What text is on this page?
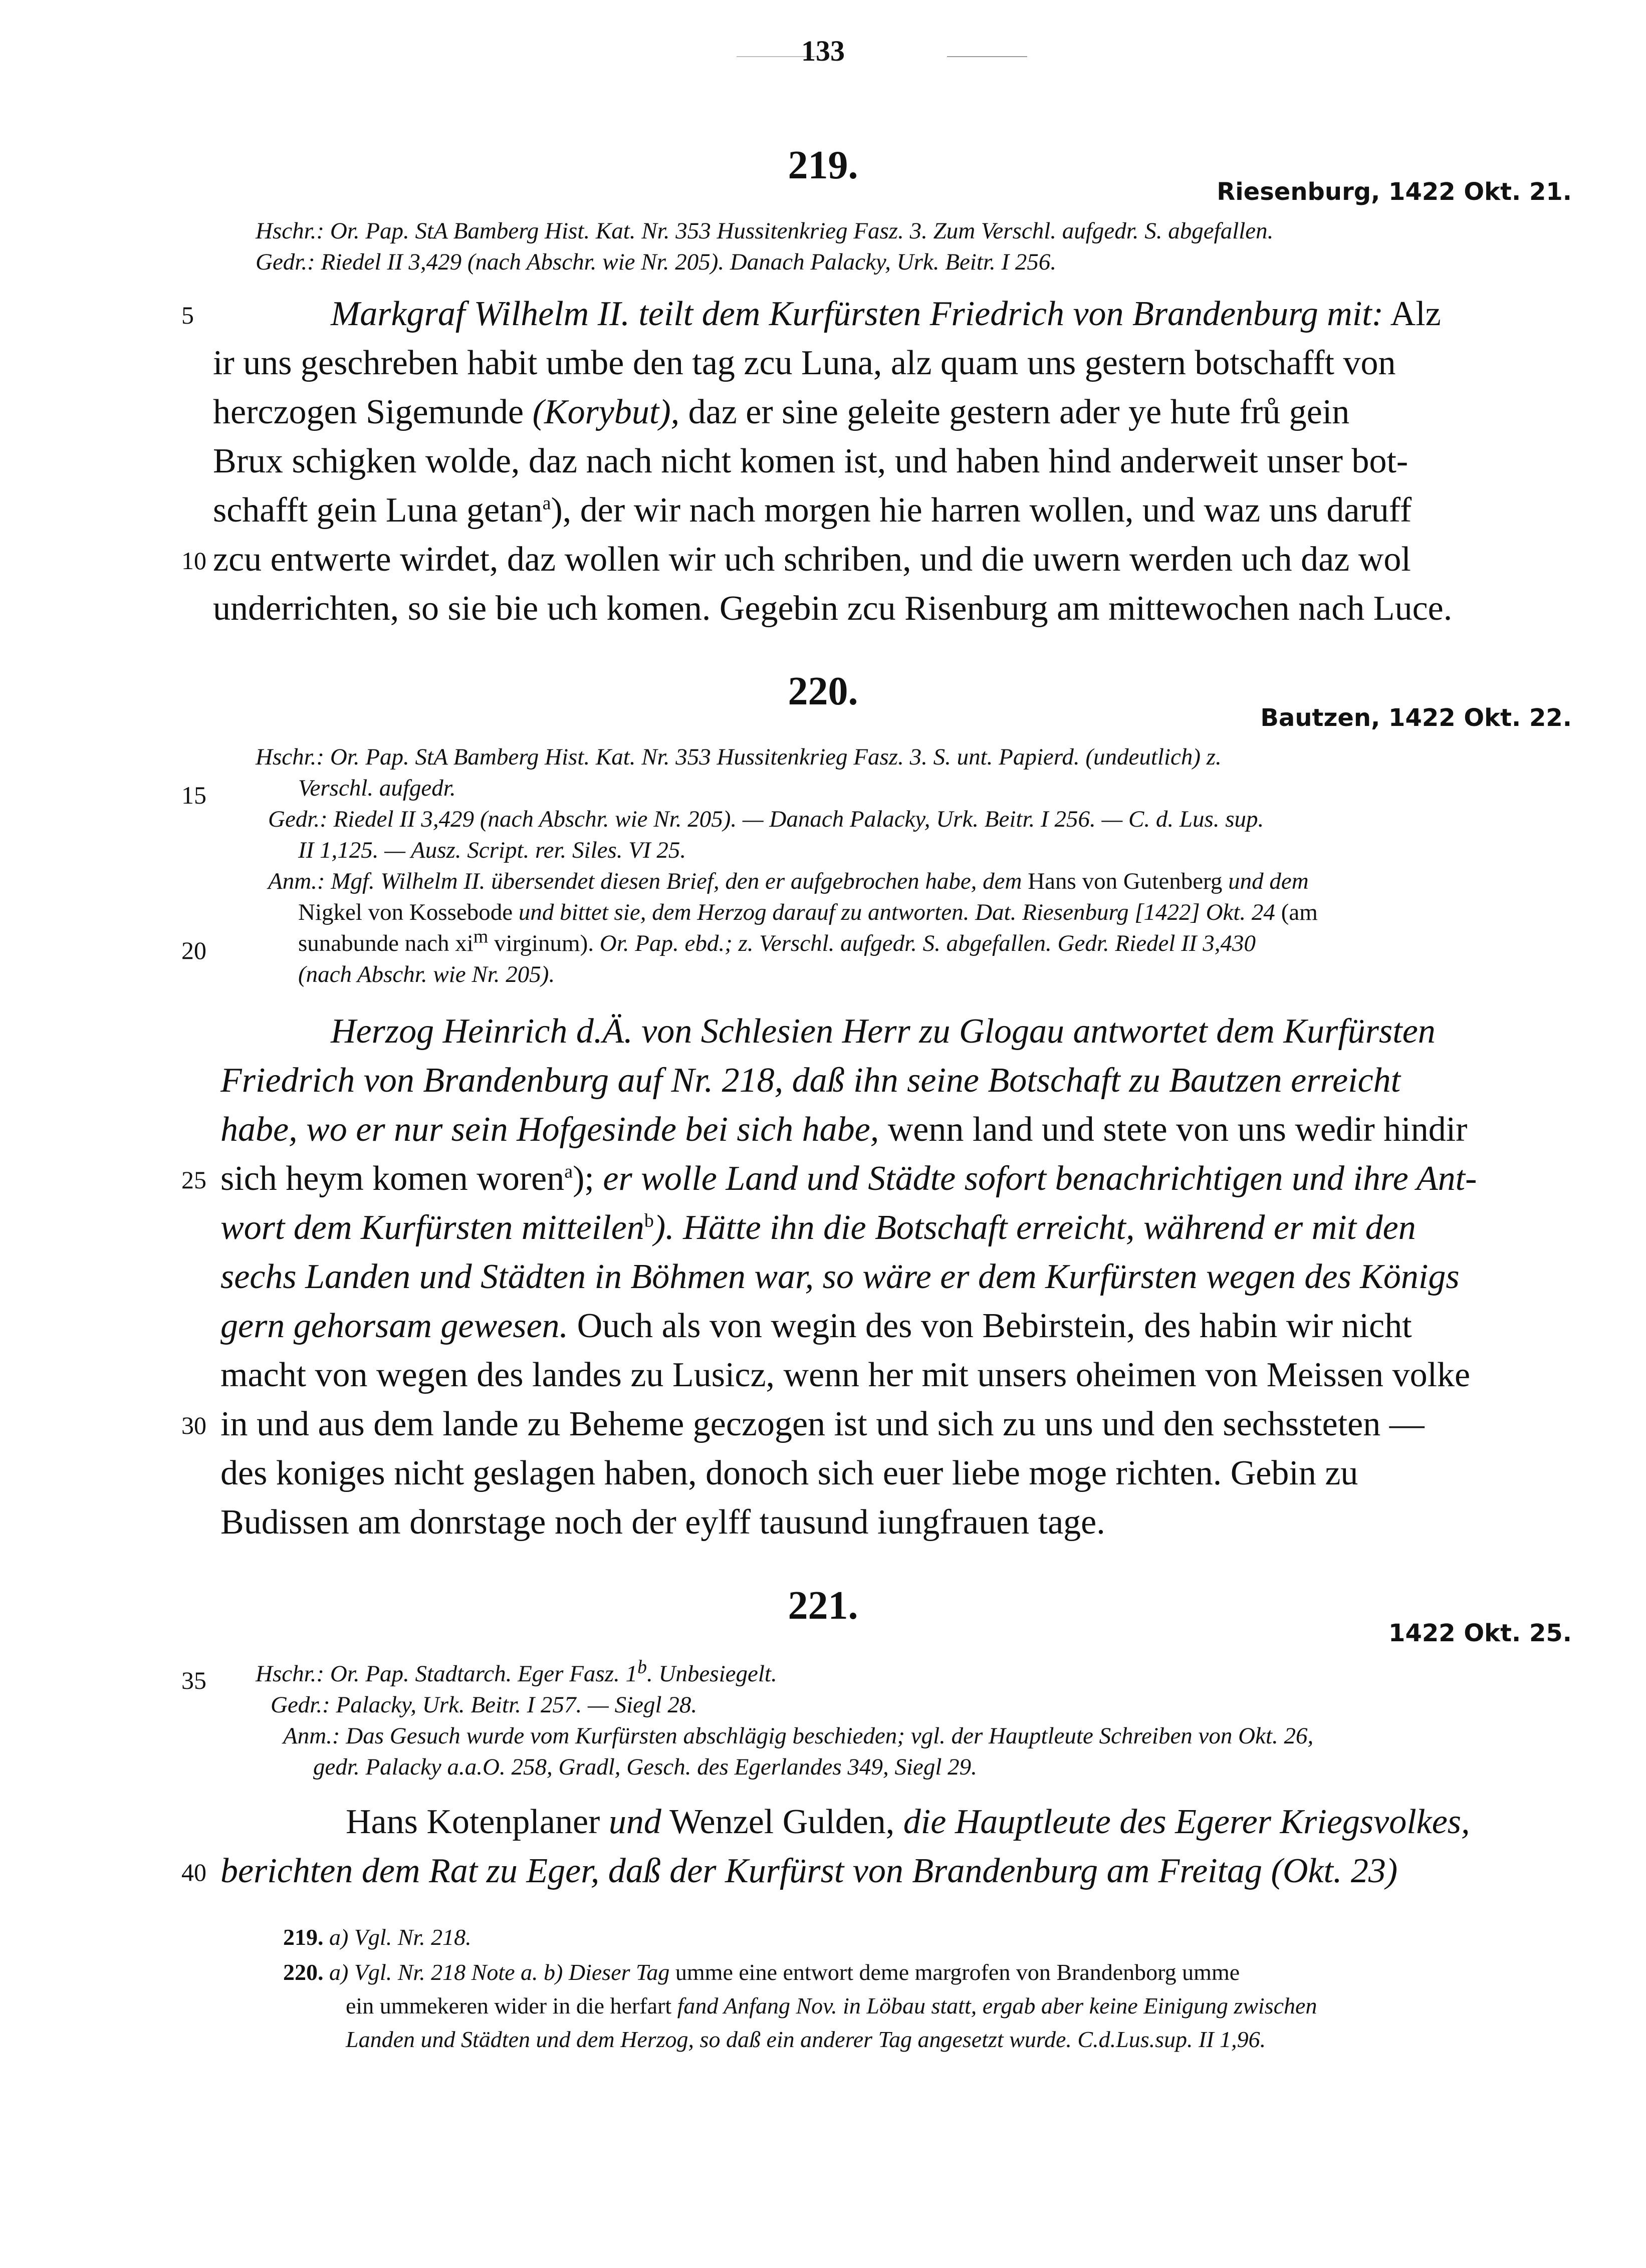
133
219.
Riesenburg, 1422 Okt. 21.
Hschr.: Or. Pap. StA Bamberg Hist. Kat. Nr. 353 Hussitenkrieg Fasz. 3. Zum Verschl. aufgedr. S. abgefallen.
Gedr.: Riedel II 3,429 (nach Abschr. wie Nr. 205). Danach Palacky, Urk. Beitr. I 256.
5	Markgraf Wilhelm II. teilt dem Kurfürsten Friedrich von Brandenburg mit: Alz
ir uns geschreben habit umbe den tag zcu Luna, alz quam uns gestern botschafft von
herczogen Sigemunde (Korybut), daz er sine geleite gestern ader ye hute frů gein
Brux schigken wolde, daz nach nicht komen ist, und haben hind anderweit unser bot-
schafft gein Luna getan$^a$), der wir nach morgen hie harren wollen, und waz uns daruff
10 zcu entwerte wirdet, daz wollen wir uch schriben, und die uwern werden uch daz wol
underrichten, so sie bie uch komen. Gegebin zcu Risenburg am mittewochen nach Luce.
220.
Bautzen, 1422 Okt. 22.
Hschr.: Or. Pap. StA Bamberg Hist. Kat. Nr. 353 Hussitenkrieg Fasz. 3. S. unt. Papierd. (undeutlich) z.
15	Verschl. aufgedr.
Gedr.: Riedel II 3,429 (nach Abschr. wie Nr. 205). — Danach Palacky, Urk. Beitr. I 256. — C. d. Lus. sup.
II 1,125. — Ausz. Script. rer. Siles. VI 25.
Anm.: Mgf. Wilhelm II. übersendet diesen Brief, den er aufgebrochen habe, dem Hans von Gutenberg und dem
Nigkel von Kossebode und bittet sie, dem Herzog darauf zu antworten. Dat. Riesenburg [1422] Okt. 24 (am
20	sunabunde nach $xi^m$ virginum). Or. Pap. ebd.; z. Verschl. aufgedr. S. abgefallen. Gedr. Riedel II 3,430
(nach Abschr. wie Nr. 205).
Herzog Heinrich d.Ä. von Schlesien Herr zu Glogau antwortet dem Kurfürsten
Friedrich von Brandenburg auf Nr. 218, daß ihn seine Botschaft zu Bautzen erreicht
habe, wo er nur sein Hofgesinde bei sich habe, wenn land und stete von uns wedir hindir
25 sich heym komen woren$^a$); er wolle Land und Städte sofort benachrichtigen und ihre Ant-
wort dem Kurfürsten mitteilen$^b$). Hätte ihn die Botschaft erreicht, während er mit den
sechs Landen und Städten in Böhmen war, so wäre er dem Kurfürsten wegen des Königs
gern gehorsam gewesen. Ouch als von wegin des von Bebirstein, des habin wir nicht
macht von wegen des landes zu Lusicz, wenn her mit unsers oheimen von Meissen volke
30 in und aus dem lande zu Beheme geczogen ist und sich zu uns und den sechssteten —
des koniges nicht geslagen haben, donoch sich euer liebe moge richten. Gebin zu
Budissen am donrstage noch der eylff tausund iungfrauen tage.
221.
1422 Okt. 25.
35 Hschr.: Or. Pap. Stadtarch. Eger Fasz. 1$^b$. Unbesiegelt.
Gedr.: Palacky, Urk. Beitr. I 257. — Siegl 28.
Anm.: Das Gesuch wurde vom Kurfürsten abschlägig beschieden; vgl. der Hauptleute Schreiben von Okt. 26,
gedr. Palacky a.a.O. 258, Gradl, Gesch. des Egerlandes 349, Siegl 29.
Hans Kotenplaner und Wenzel Gulden, die Hauptleute des Egerer Kriegsvolkes,
40 berichten dem Rat zu Eger, daß der Kurfürst von Brandenburg am Freitag (Okt. 23)
219. a) Vgl. Nr. 218.
220. a) Vgl. Nr. 218 Note a. b) Dieser Tag umme eine entwort deme margrofen von Brandenborg umme
ein ummekeren wider in die herfart fand Anfang Nov. in Löbau statt, ergab aber keine Einigung zwischen
Landen und Städten und dem Herzog, so daß ein anderer Tag angesetzt wurde. C.d.Lus.sup. II 1,96.
